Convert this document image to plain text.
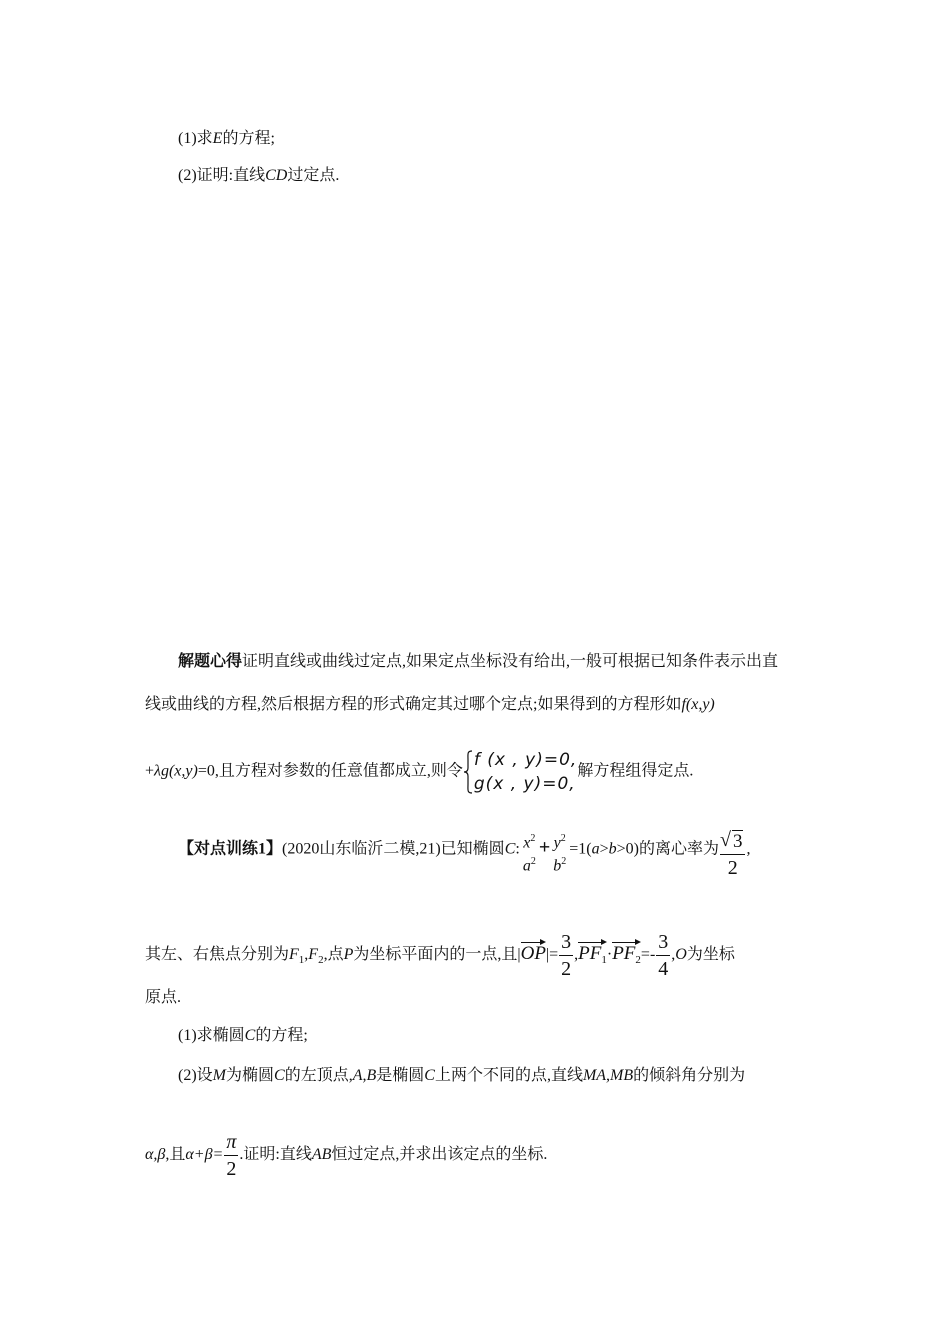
(1)求E的方程;
(2)证明:直线CD过定点.
解题心得证明直线或曲线过定点,如果定点坐标没有给出,一般可根据已知条件表示出直
线或曲线的方程,然后根据方程的形式确定其过哪个定点;如果得到的方程形如f(x,y)
+λg(x,y)=0,且方程对参数的任意值都成立,则令
f (x , y)=0,
g(x , y)=0,
解方程组得定点.
【对点训练1】(2020山东临沂二模,21)已知椭圆C: $x^2$
$a^2$
+ $y^2$
$b^2$
=1(a>b>0)的离心率为
√ $\frac{3}{2}$ ,
其左、右焦点分别为$F_1,F_2$,点P为坐标平面内的一点,且$|OP|= \frac{3}{2} ,PF_1\cdot PF_2=- \frac{3}{4} ,O$为坐标
原点.
(1)求椭圆C的方程;
(2)设M为椭圆C的左顶点,A,B是椭圆C上两个不同的点,直线MA,MB的倾斜角分别为
α,β,且$\alpha+\beta= \frac{\pi}{2}$ .证明:直线AB恒过定点,并求出该定点的坐标.
